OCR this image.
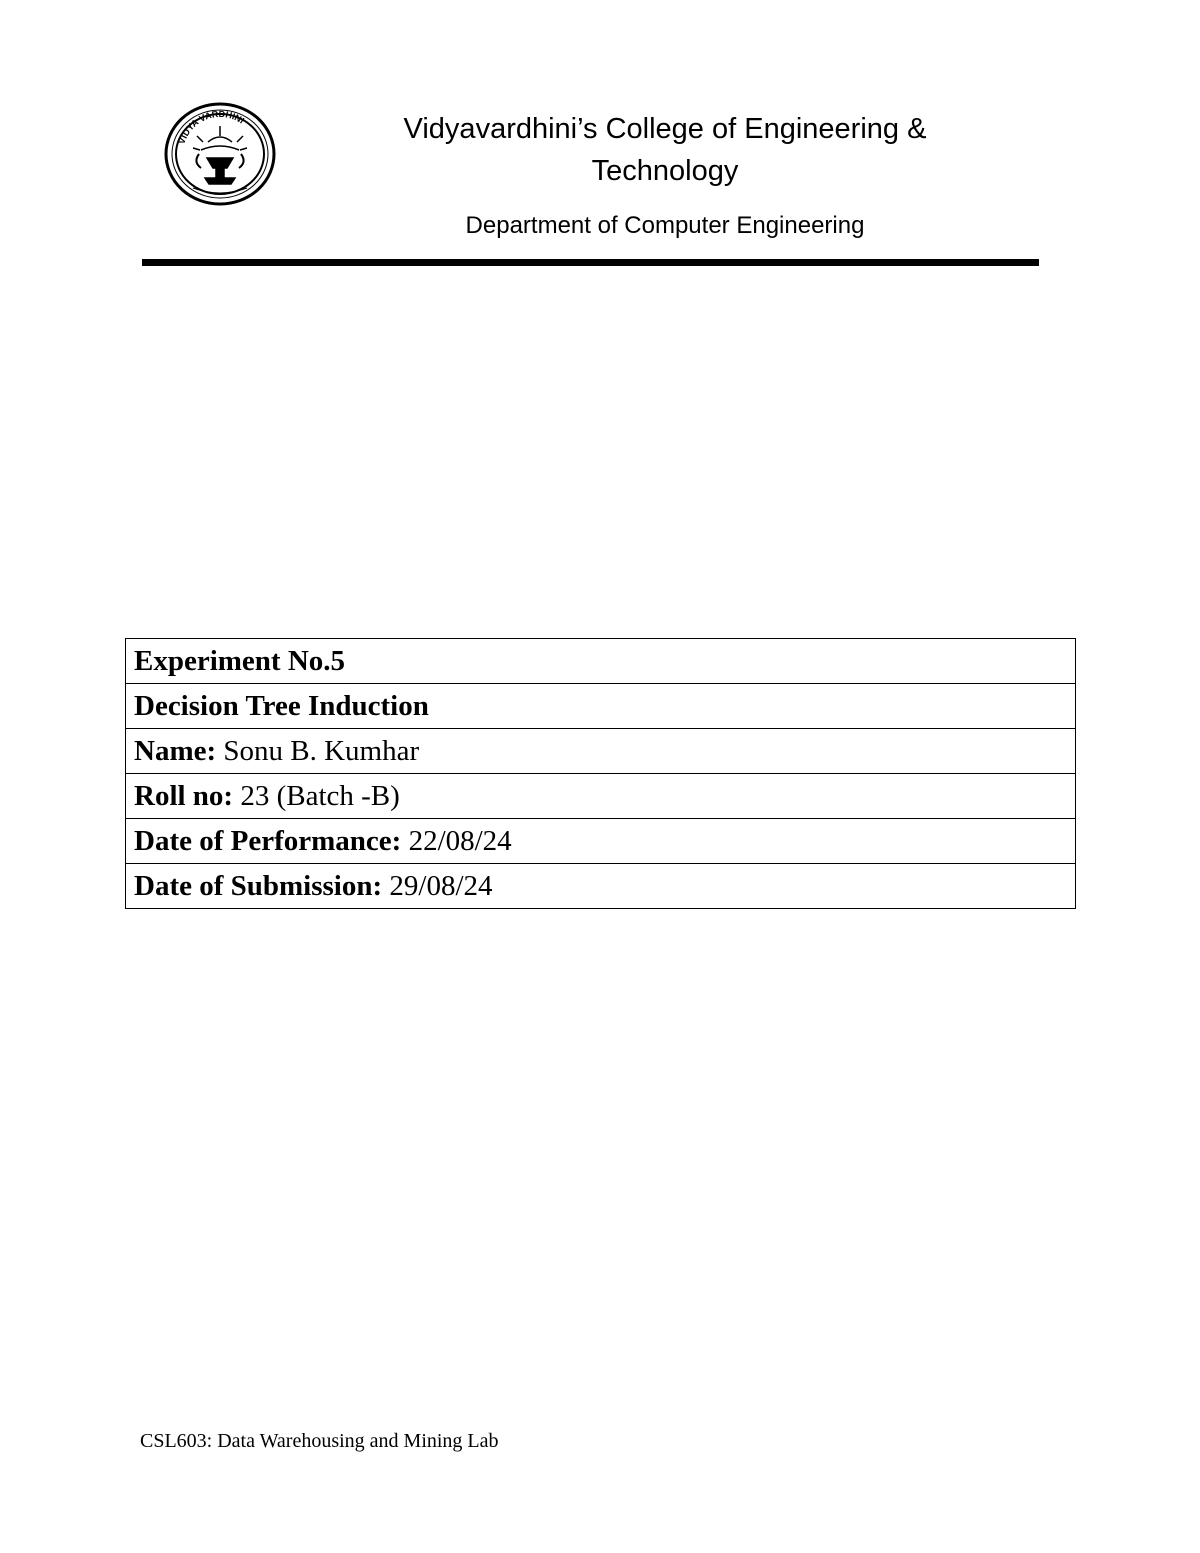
VIDYA VARDHINI	Vidyavardhini’s College of Engineering &
Technology
Department of Computer Engineering
Experiment No.5
Decision Tree Induction
Name: Sonu B. Kumhar
Roll no: 23 (Batch -B)
Date of Performance: 22/08/24
Date of Submission: 29/08/24
CSL603: Data Warehousing and Mining Lab
